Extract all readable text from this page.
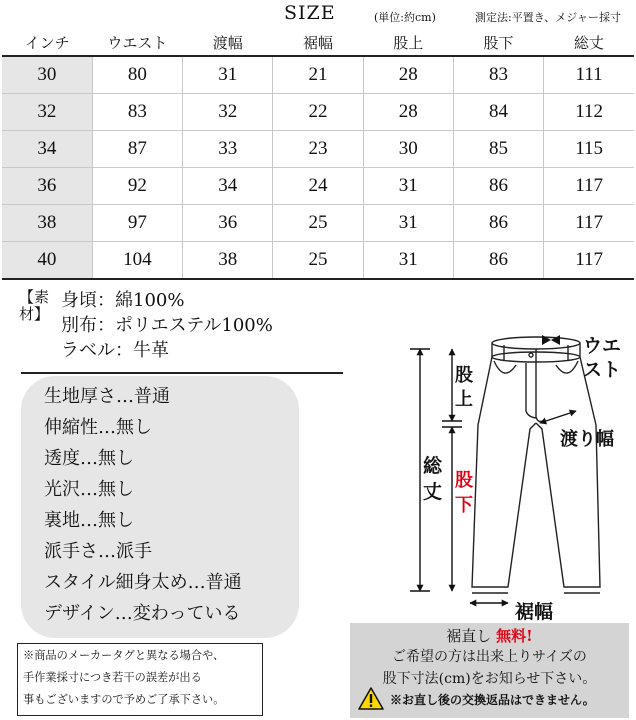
SIZE	(単位:約cm)	測定法:平置き、メジャー採寸
インチ	ウエスト	渡幅	裾幅	股上	股下	総丈
30	80	31	21	28	83	111
32	83	32	22	28	84	112
34	87	33	23	30	85	115
36	92	34	24	31	86	117
38	97	36	25	31	86	117
40	104	38	25	31	86	117
【素
材】
身頃：綿100%
別布：ポリエステル100%
ラベル：牛革
生地厚さ…普通
伸縮性…無し
透度…無し
光沢…無し
裏地…無し
派手さ…派手
スタイル細身太め…普通
デザイン…変わっている
※商品のメーカータグと異なる場合や、
手作業採寸につき若干の誤差が出る
事もございますので予めご了承下さい。
ウエスト
股上
渡り幅
総丈
股下
裾幅
裾直し 無料!
ご希望の方は出来上りサイズの
股下寸法(cm)をお知らせ下さい。
※お直し後の交換返品はできません。
